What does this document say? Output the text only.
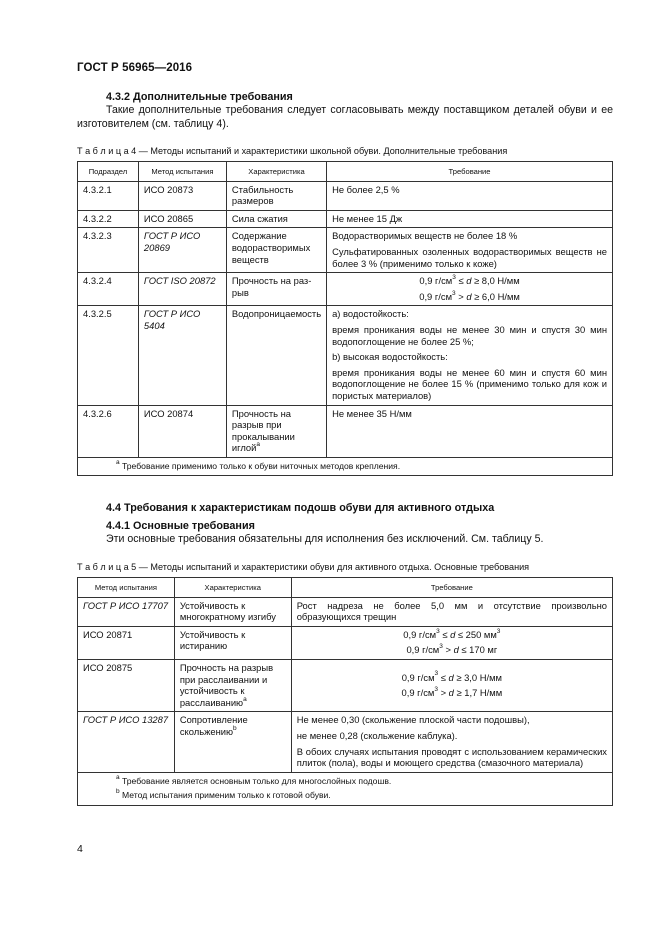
ГОСТ Р 56965—2016
4.3.2 Дополнительные требования
Такие дополнительные требования следует согласовывать между поставщиком деталей обуви и ее изготовителем (см. таблицу 4).
Т а б л и ц а 4 — Методы испытаний и характеристики школьной обуви. Дополнительные требования
Подраздел	Метод испытания	Характеристика	Требование
4.3.2.1	ИСО 20873	Стабильность размеров	Не более 2,5 %
4.3.2.2	ИСО 20865	Сила сжатия	Не менее 15 Дж
4.3.2.3	ГОСТ Р ИСО 20869	Содержание водорастворимых веществ	Водорастворимых веществ не более 18 %
Сульфатированных озоленных водорастворимых веществ не более 3 % (применимо только к коже)

4.3.2.4	ГОСТ ISO 20872	Прочность на раз-рыв	0,9 $г/см^3 \le d \ge 8,0$ Н/мм
0,9 $г/см^3 > d \ge 6,0$ Н/мм

4.3.2.5	ГОСТ Р ИСО 5404	Водопроницаемость	а) водостойкость:
время проникания воды не менее 30 мин и спустя 30 мин водопоглощение не более 25 %;
b) высокая водостойкость:
время проникания воды не менее 60 мин и спустя 60 мин водопоглощение не более 15 % (применимо только для кож и пористых материалов)

4.3.2.6	ИСО 20874	Прочность на разрыв при прокалывании иглой$^a$	Не менее 35 Н/мм
$^a$ Требование применимо только к обуви ниточных методов крепления.			
4.4 Требования к характеристикам подошв обуви для активного отдыха
4.4.1 Основные требования
Эти основные требования обязательны для исполнения без исключений. См. таблицу 5.
Т а б л и ц а 5 — Методы испытаний и характеристики обуви для активного отдыха. Основные требования
Метод испытания	Характеристика	Требование
ГОСТ Р ИСО 17707	Устойчивость к многократному изгибу	Рост надреза не более 5,0 мм и отсутствие произвольно образующихся трещин
ИСО 20871	Устойчивость к истиранию	0,9 $г/см^3 \le d \le 250$ $мм^3$
0,9 $г/см^3 > d \le 170$ мг

ИСО 20875	Прочность на разрыв при расслаивании и устойчивость к расслаиванию$^a$	0,9 $г/см^3 \le d \ge 3,0$ Н/мм
0,9 $г/см^3 > d \ge 1,7$ Н/мм

ГОСТ Р ИСО 13287	Сопротивление скольжению$^b$	Не менее 0,30 (скольжение плоской части подошвы),
не менее 0,28 (скольжение каблука).
В обоих случаях испытания проводят с использованием керамических плиток (пола), воды и моющего средства (смазочного материала)

$^a$ Требование является основным только для многослойных подошв.
$^b$ Метод испытания применим только к готовой обуви.		
4
